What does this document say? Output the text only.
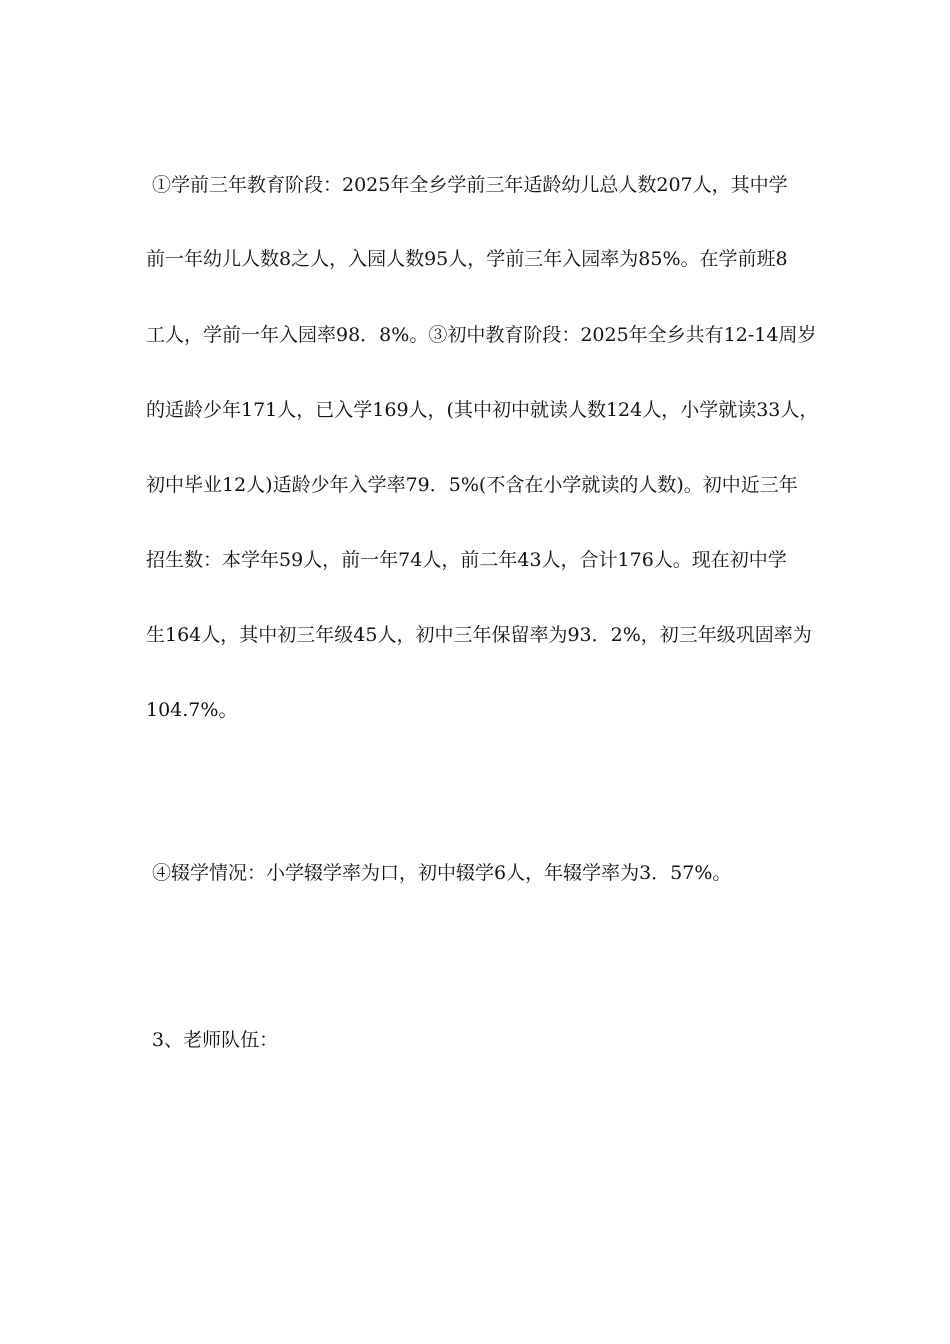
①学前三年教育阶段：2025年全乡学前三年适龄幼儿总人数207人，其中学
前一年幼儿人数8之人，入园人数95人，学前三年入园率为85%。在学前班8
工人，学前一年入园率98．8%。③初中教育阶段：2025年全乡共有12-14周岁
的适龄少年171人，已入学169人，(其中初中就读人数124人，小学就读33人，
初中毕业12人)适龄少年入学率79．5%(不含在小学就读的人数)。初中近三年
招生数：本学年59人，前一年74人，前二年43人，合计176人。现在初中学
生164人，其中初三年级45人，初中三年保留率为93．2%，初三年级巩固率为
104.7%。
④辍学情况：小学辍学率为口，初中辍学6人，年辍学率为3．57%。
3、老师队伍：
